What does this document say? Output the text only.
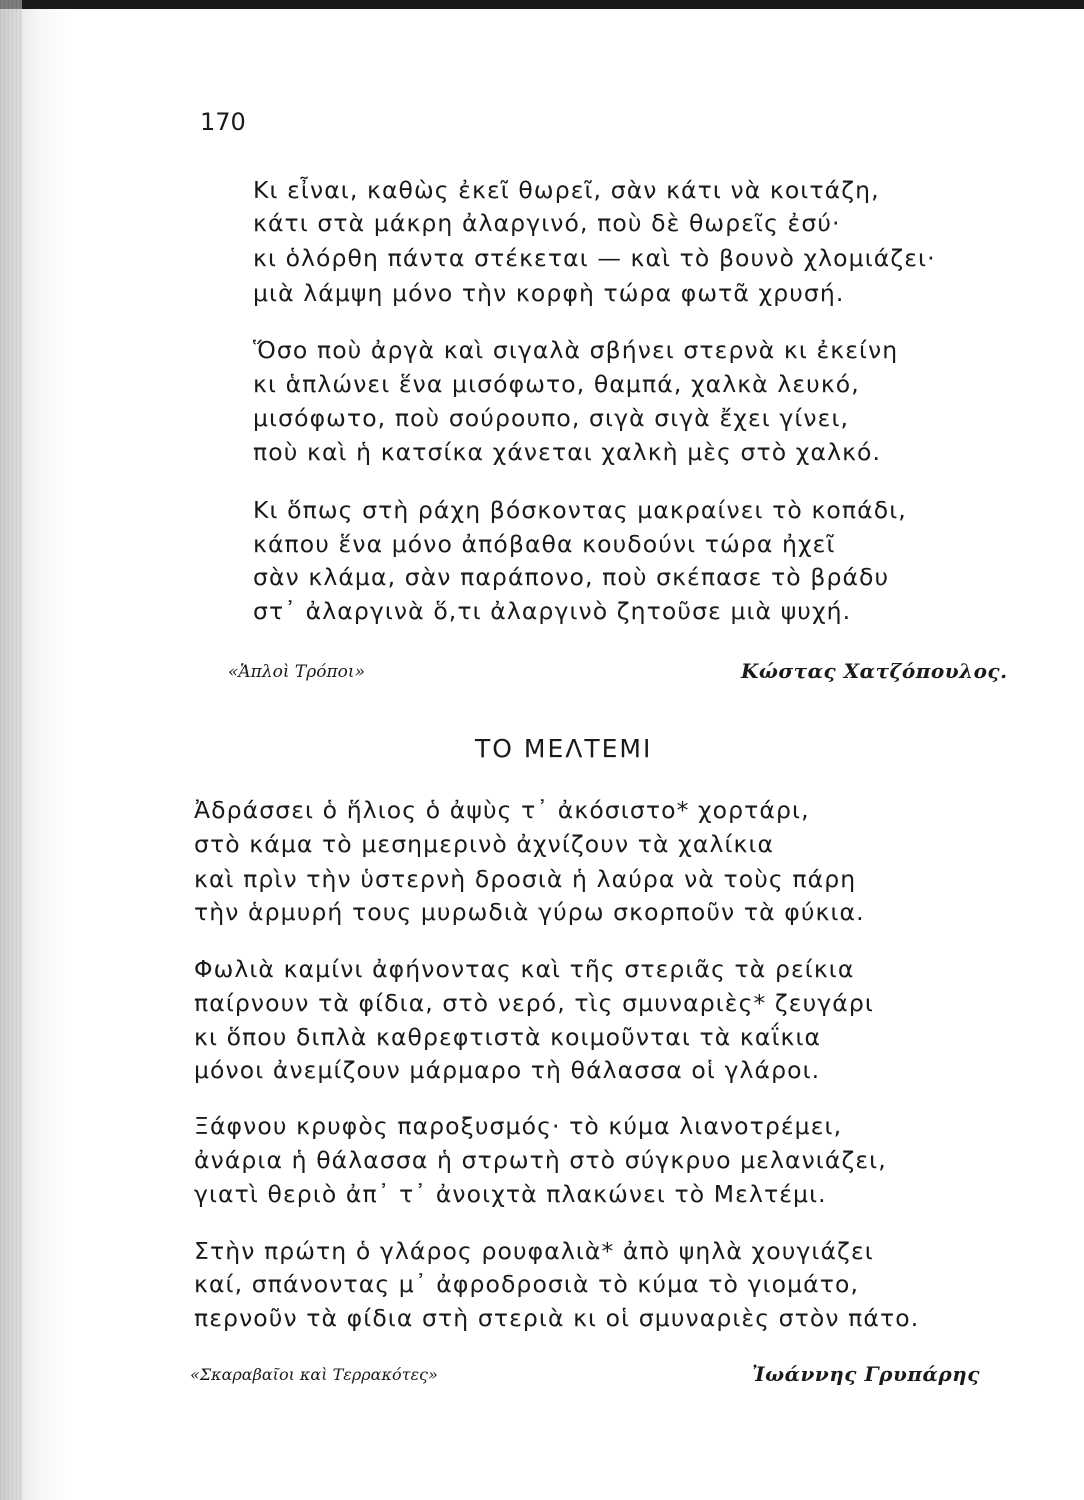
170
Κι εἶναι, καθὼς ἐκεῖ θωρεῖ, σὰν κάτι νὰ κοιτάζη,
κάτι στὰ μάκρη ἀλαργινό, ποὺ δὲ θωρεῖς ἐσύ·
κι ὁλόρθη πάντα στέκεται — καὶ τὸ βουνὸ χλομιάζει·
μιὰ λάμψη μόνο τὴν κορφὴ τώρα φωτᾶ χρυσή.
Ὅσο ποὺ ἀργὰ καὶ σιγαλὰ σβήνει στερνὰ κι ἐκείνη
κι ἁπλώνει ἕνα μισόφωτο, θαμπά, χαλκὰ λευκό,
μισόφωτο, ποὺ σούρουπο, σιγὰ σιγὰ ἔχει γίνει,
ποὺ καὶ ἡ κατσίκα χάνεται χαλκὴ μὲς στὸ χαλκό.
Κι ὅπως στὴ ράχη βόσκοντας μακραίνει τὸ κοπάδι,
κάπου ἕνα μόνο ἀπόβαθα κουδούνι τώρα ἠχεῖ
σὰν κλάμα, σὰν παράπονο, ποὺ σκέπασε τὸ βράδυ
στ᾿ ἀλαργινὰ ὅ,τι ἀλαργινὸ ζητοῦσε μιὰ ψυχή.
«Ἁπλοὶ Τρόποι»	Κώστας Χατζόπουλος.
ΤΟ ΜΕΛΤΕΜΙ
Ἀδράσσει ὁ ἥλιος ὁ ἀψὺς τ᾿ ἀκόσιστο* χορτάρι,
στὸ κάμα τὸ μεσημερινὸ ἀχνίζουν τὰ χαλίκια
καὶ πρὶν τὴν ὑστερνὴ δροσιὰ ἡ λαύρα νὰ τοὺς πάρη
τὴν ἁρμυρή τους μυρωδιὰ γύρω σκορποῦν τὰ φύκια.
Φωλιὰ καμίνι ἀφήνοντας καὶ τῆς στεριᾶς τὰ ρείκια
παίρνουν τὰ φίδια, στὸ νερό, τὶς σμυναριὲς* ζευγάρι
κι ὅπου διπλὰ καθρεφτιστὰ κοιμοῦνται τὰ καΐκια
μόνοι ἀνεμίζουν μάρμαρο τὴ θάλασσα οἱ γλάροι.
Ξάφνου κρυφὸς παροξυσμός· τὸ κύμα λιανοτρέμει,
ἀνάρια ἡ θάλασσα ἡ στρωτὴ στὸ σύγκρυο μελανιάζει,
γιατὶ θεριὸ ἀπ᾿ τ᾿ ἀνοιχτὰ πλακώνει τὸ Μελτέμι.
Στὴν πρώτη ὁ γλάρος ρουφαλιὰ* ἀπὸ ψηλὰ χουγιάζει
καί, σπάνοντας μ᾿ ἀφροδροσιὰ τὸ κύμα τὸ γιομάτο,
περνοῦν τὰ φίδια στὴ στεριὰ κι οἱ σμυναριὲς στὸν πάτο.
«Σκαραβαῖοι καὶ Τερρακότες»	Ἰωάννης Γρυπάρης
